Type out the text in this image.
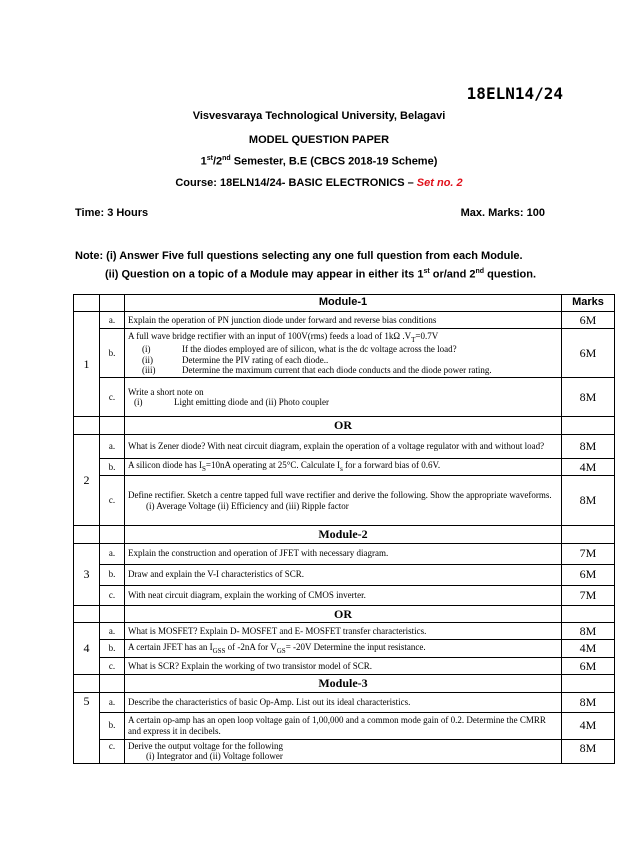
18ELN14/24
Visvesvaraya Technological University, Belagavi
MODEL QUESTION PAPER
1st/2nd Semester, B.E (CBCS 2018-19 Scheme)
Course: 18ELN14/24- BASIC ELECTRONICS – Set no. 2
Time: 3 Hours	Max. Marks: 100
Note: (i) Answer Five full questions selecting any one full question from each Module.
(ii) Question on a topic of a Module may appear in either its 1st or/and 2nd question.
		Module-1	Marks
1	a.	Explain the operation of PN junction diode under forward and reverse bias conditions	6M
	b.	A full wave bridge rectifier with an input of 100V(rms) feeds a load of 1kΩ $.V_T=0.7V$
(i) If the diodes employed are of silicon, what is the dc voltage across the load?
(ii) Determine the PIV rating of each diode..
(iii) Determine the maximum current that each diode conducts and the diode power rating.	6M
	c.	Write a short note on
(i) Light emitting diode and (ii) Photo coupler	8M
		OR	
2	a.	What is Zener diode? With neat circuit diagram, explain the operation of a voltage regulator with and without load?	8M
	b.	A silicon diode has $I_S=10nA$ operating at 25°C. Calculate $I_s$ for a forward bias of 0.6V.	4M
	c.	Define rectifier. Sketch a centre tapped full wave rectifier and derive the following. Show the appropriate waveforms.
(i) Average Voltage (ii) Efficiency and (iii) Ripple factor	8M
		Module-2	
3	a.	Explain the construction and operation of JFET with necessary diagram.	7M
	b.	Draw and explain the V-I characteristics of SCR.	6M
	c.	With neat circuit diagram, explain the working of CMOS inverter.	7M
		OR	
4	a.	What is MOSFET? Explain D- MOSFET and E- MOSFET transfer characteristics.	8M
	b.	A certain JFET has an $I_{GSS}$ of -2nA for $V_{GS}= -20V$ Determine the input resistance.	4M
	c.	What is SCR? Explain the working of two transistor model of SCR.	6M
		Module-3	
5	a.	Describe the characteristics of basic Op-Amp. List out its ideal characteristics.	8M
	b.	A certain op-amp has an open loop voltage gain of 1,00,000 and a common mode gain of 0.2. Determine the CMRR and express it in decibels.	4M
	c.	Derive the output voltage for the following
(i) Integrator and (ii) Voltage follower	8M
